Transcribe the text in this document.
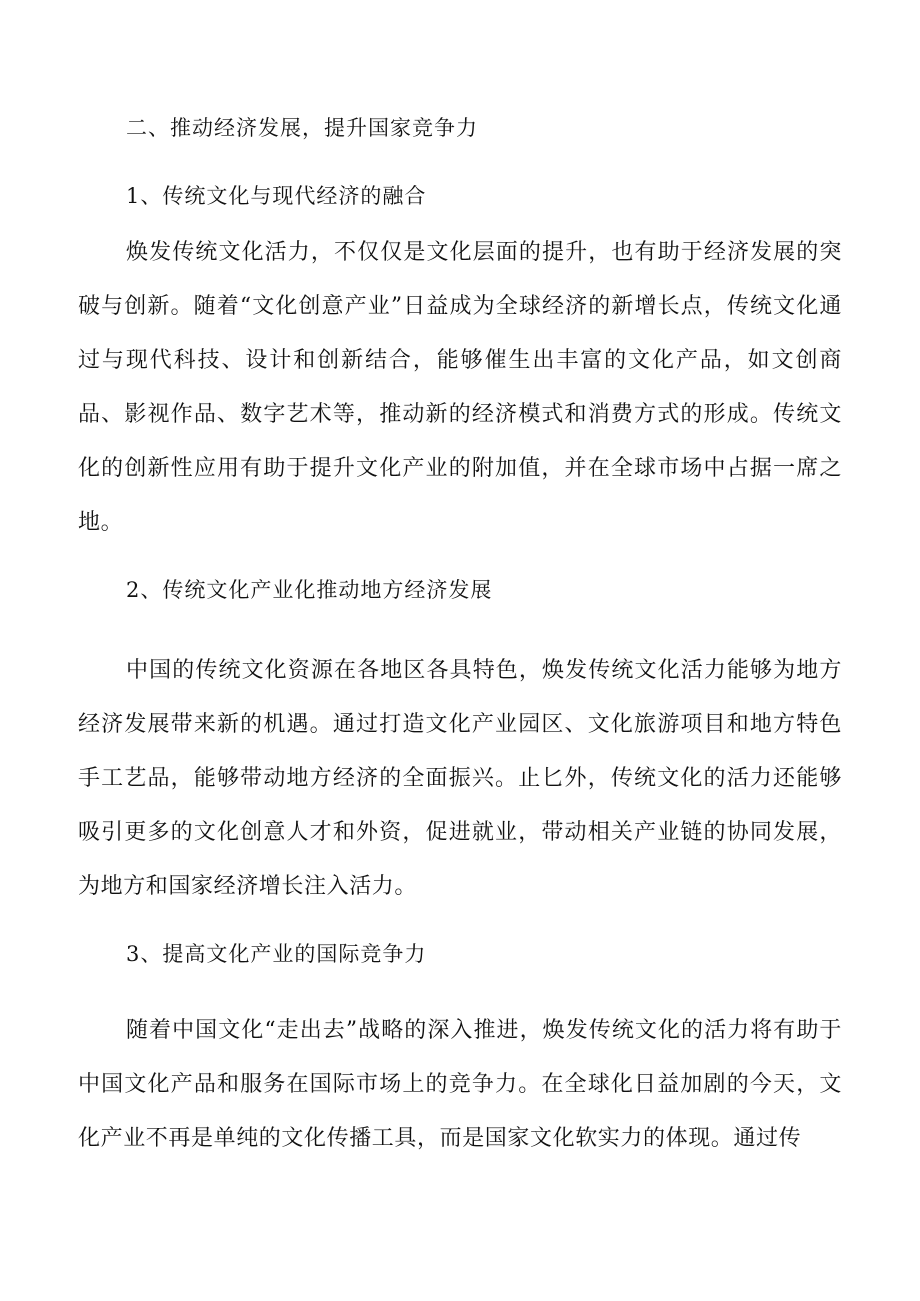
二、推动经济发展，提升国家竞争力
1、传统文化与现代经济的融合
焕发传统文化活力，不仅仅是文化层面的提升，也有助于经济发展的突破与创新。随着“文化创意产业”日益成为全球经济的新增长点，传统文化通过与现代科技、设计和创新结合，能够催生出丰富的文化产品，如文创商品、影视作品、数字艺术等，推动新的经济模式和消费方式的形成。传统文化的创新性应用有助于提升文化产业的附加值，并在全球市场中占据一席之地。
2、传统文化产业化推动地方经济发展
中国的传统文化资源在各地区各具特色，焕发传统文化活力能够为地方经济发展带来新的机遇。通过打造文化产业园区、文化旅游项目和地方特色手工艺品，能够带动地方经济的全面振兴。止匕外，传统文化的活力还能够吸引更多的文化创意人才和外资，促进就业，带动相关产业链的协同发展，为地方和国家经济增长注入活力。
3、提高文化产业的国际竞争力
随着中国文化“走出去”战略的深入推进，焕发传统文化的活力将有助于中国文化产品和服务在国际市场上的竞争力。在全球化日益加剧的今天，文化产业不再是单纯的文化传播工具，而是国家文化软实力的体现。通过传
